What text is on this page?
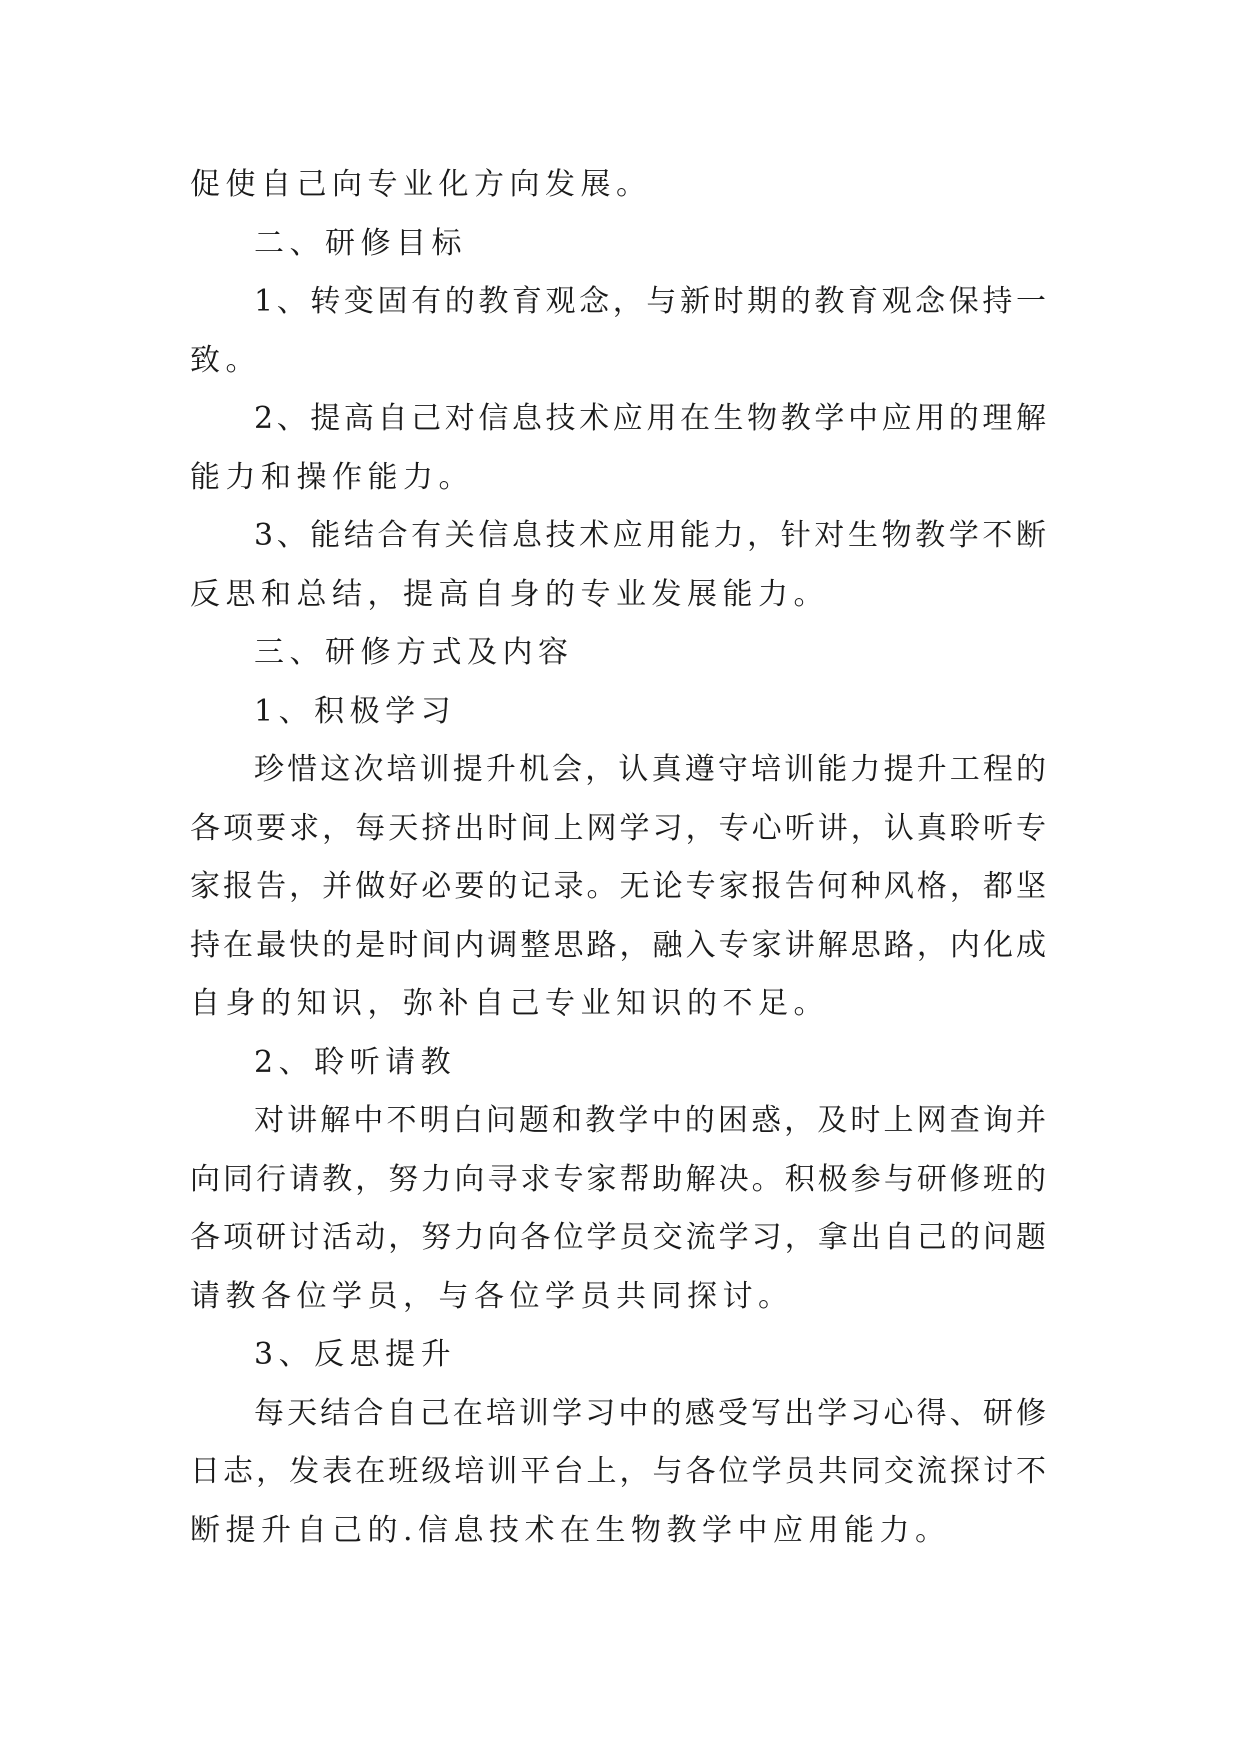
促使自己向专业化方向发展。
二、研修目标
1、转变固有的教育观念，与新时期的教育观念保持一
致。
2、提高自己对信息技术应用在生物教学中应用的理解
能力和操作能力。
3、能结合有关信息技术应用能力，针对生物教学不断
反思和总结，提高自身的专业发展能力。
三、研修方式及内容
1、积极学习
珍惜这次培训提升机会，认真遵守培训能力提升工程的
各项要求，每天挤出时间上网学习，专心听讲，认真聆听专
家报告，并做好必要的记录。无论专家报告何种风格，都坚
持在最快的是时间内调整思路，融入专家讲解思路，内化成
自身的知识，弥补自己专业知识的不足。
2、聆听请教
对讲解中不明白问题和教学中的困惑，及时上网查询并
向同行请教，努力向寻求专家帮助解决。积极参与研修班的
各项研讨活动，努力向各位学员交流学习，拿出自己的问题
请教各位学员，与各位学员共同探讨。
3、反思提升
每天结合自己在培训学习中的感受写出学习心得、研修
日志，发表在班级培训平台上，与各位学员共同交流探讨不
断提升自己的.信息技术在生物教学中应用能力。
